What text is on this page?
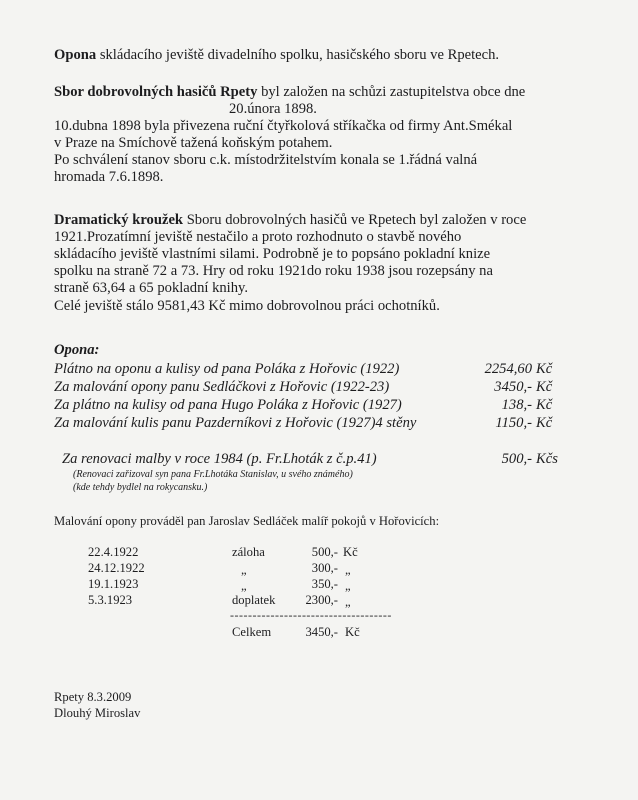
Opona skládacího jeviště divadelního spolku, hasičského sboru ve Rpetech.
Sbor dobrovolných hasičů Rpety byl založen na schůzi zastupitelstva obce dne
20.února 1898.
10.dubna 1898 byla přivezena ruční čtyřkolová stříkačka od firmy Ant.Smékal
v Praze na Smíchově tažená koňským potahem.
Po schválení stanov sboru c.k. místodržitelstvím konala se 1.řádná valná
hromada 7.6.1898.
Dramatický kroužek Sboru dobrovolných hasičů ve Rpetech byl založen v roce
1921.Prozatímní jeviště nestačilo a proto rozhodnuto o stavbě nového
skládacího jeviště vlastními silami. Podrobně je to popsáno pokladní knize
spolku na straně 72 a 73. Hry od roku 1921do roku 1938 jsou rozepsány na
straně 63,64 a 65 pokladní knihy.
Celé jeviště stálo 9581,43 Kč mimo dobrovolnou práci ochotníků.
Opona:
Plátno na oponu a kulisy od pana Poláka z Hořovic (1922)	2254,60 Kč
Za malování opony panu Sedláčkovi z Hořovic (1922-23)	3450,- Kč
Za plátno na kulisy od pana Hugo Poláka z Hořovic (1927)	138,- Kč
Za malování kulis panu Pazderníkovi z Hořovic (1927)4 stěny	1150,- Kč
Za renovaci malby v roce 1984 (p. Fr.Lhoták z č.p.41)	500,- Kčs
(Renovaci zařizoval syn pana Fr.Lhotáka Stanislav, u svého známého)
(kde tehdy bydlel na rokycansku.)
Malování opony prováděl pan Jaroslav Sedláček malíř pokojů v Hořovicích:
22.4.1922	záloha	500,- Kč
24.12.1922	„	300,- „
19.1.1923	„	350,- „
5.3.1923	doplatek	2300,- „
------------------------------------
Celkem	3450,- Kč
Rpety 8.3.2009
Dlouhý Miroslav
